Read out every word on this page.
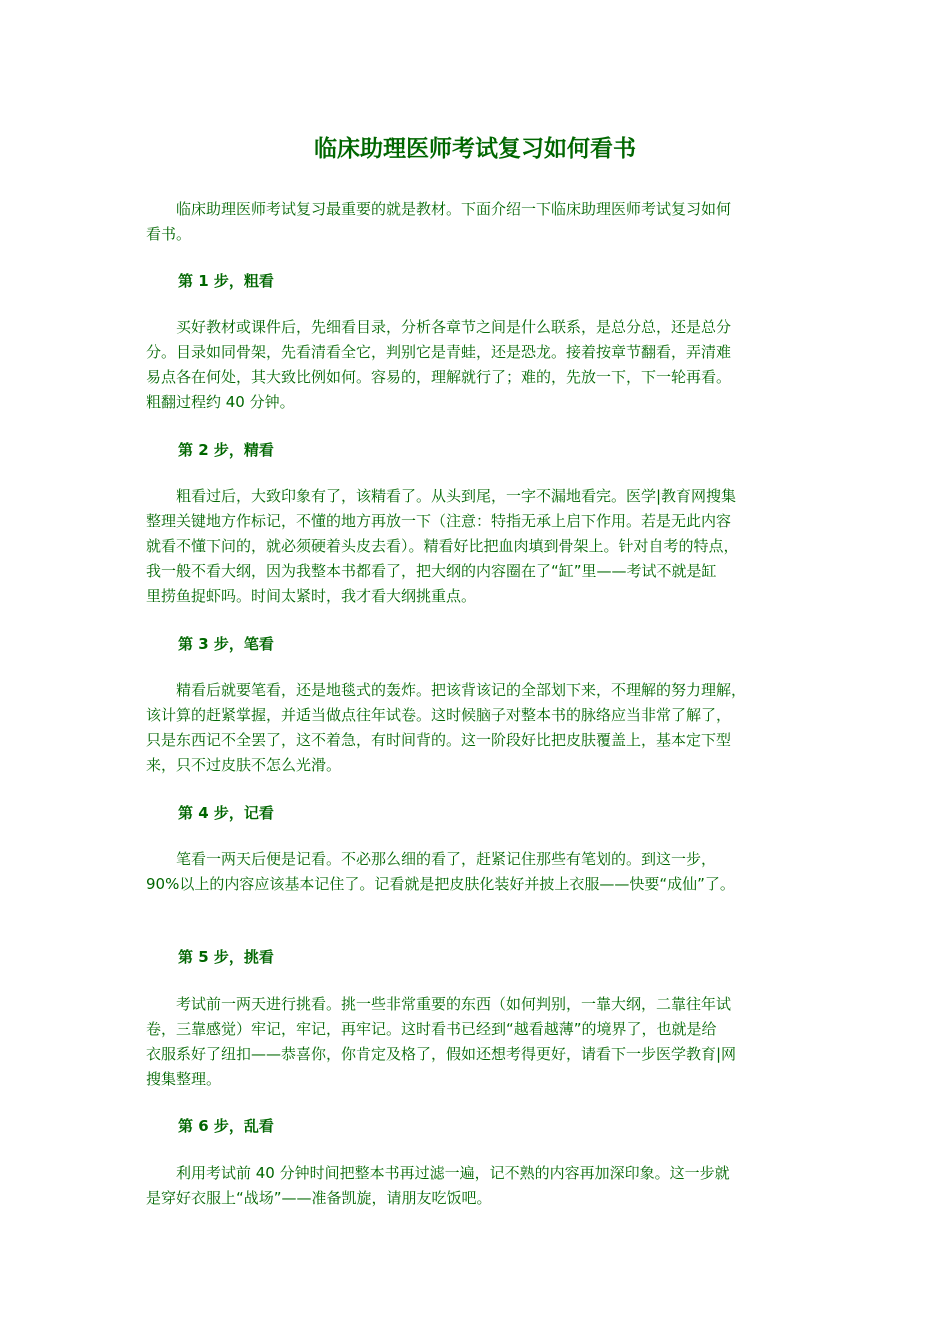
临床助理医师考试复习如何看书

　　临床助理医师考试复习最重要的就是教材。下面介绍一下临床助理医师考试复习如何
看书。

第 1 步，粗看

　　买好教材或课件后，先细看目录，分析各章节之间是什么联系，是总分总，还是总分
分。目录如同骨架，先看清看全它，判别它是青蛙，还是恐龙。接着按章节翻看，弄清难
易点各在何处，其大致比例如何。容易的，理解就行了；难的，先放一下，下一轮再看。
粗翻过程约 40 分钟。

第 2 步，精看

　　粗看过后，大致印象有了，该精看了。从头到尾，一字不漏地看完。医学|教育网搜集
整理关键地方作标记，不懂的地方再放一下（注意：特指无承上启下作用。若是无此内容
就看不懂下问的，就必须硬着头皮去看）。精看好比把血肉填到骨架上。针对自考的特点，
我一般不看大纲，因为我整本书都看了，把大纲的内容圈在了“缸”里——考试不就是缸
里捞鱼捉虾吗。时间太紧时，我才看大纲挑重点。

第 3 步，笔看

　　精看后就要笔看，还是地毯式的轰炸。把该背该记的全部划下来，不理解的努力理解，
该计算的赶紧掌握，并适当做点往年试卷。这时候脑子对整本书的脉络应当非常了解了，
只是东西记不全罢了，这不着急，有时间背的。这一阶段好比把皮肤覆盖上，基本定下型
来，只不过皮肤不怎么光滑。

第 4 步，记看

　　笔看一两天后便是记看。不必那么细的看了，赶紧记住那些有笔划的。到这一步，
90%以上的内容应该基本记住了。记看就是把皮肤化装好并披上衣服——快要“成仙”了。

第 5 步，挑看

　　考试前一两天进行挑看。挑一些非常重要的东西（如何判别，一靠大纲，二靠往年试
卷，三靠感觉）牢记，牢记，再牢记。这时看书已经到“越看越薄”的境界了，也就是给
衣服系好了纽扣——恭喜你，你肯定及格了，假如还想考得更好，请看下一步医学教育|网
搜集整理。

第 6 步，乱看

　　利用考试前 40 分钟时间把整本书再过滤一遍，记不熟的内容再加深印象。这一步就
是穿好衣服上“战场”——准备凯旋，请朋友吃饭吧。
